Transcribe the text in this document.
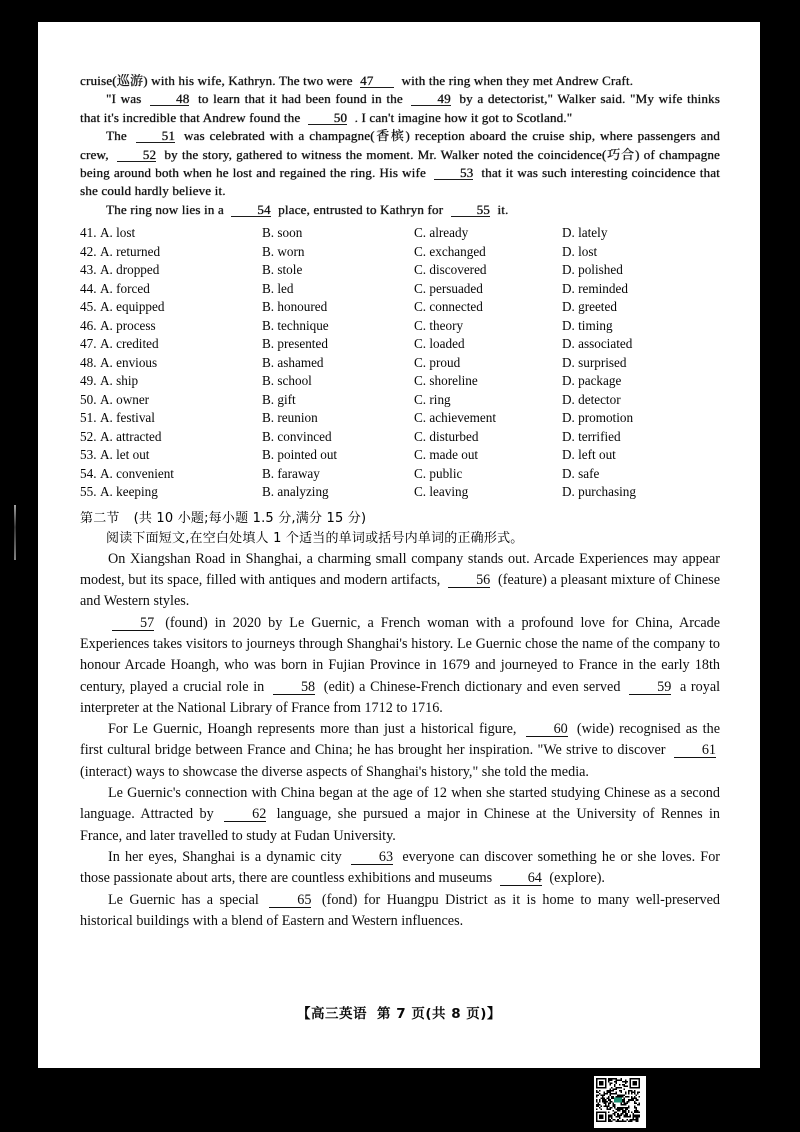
cruise(巡游) with his wife, Kathryn. The two were 47 with the ring when they met Andrew Craft.

"I was	48 to learn that it had been found in the	49 by a detectorist," Walker said. "My wife thinks that it's incredible that Andrew found the	50 . I can't imagine how it got to Scotland."

The	51 was celebrated with a champagne(香槟) reception aboard the cruise ship, where passengers and crew,	52 by the story, gathered to witness the moment. Mr. Walker noted the coincidence(巧合) of champagne being around both when he lost and regained the ring. His wife	53 that it was such interesting coincidence that she could hardly believe it.

The ring now lies in a	54 place, entrusted to Kathryn for	55 it.

41. A. lost	B. soon	C. already	D. lately
42. A. returned	B. worn	C. exchanged	D. lost
43. A. dropped	B. stole	C. discovered	D. polished
44. A. forced	B. led	C. persuaded	D. reminded
45. A. equipped	B. honoured	C. connected	D. greeted
46. A. process	B. technique	C. theory	D. timing
47. A. credited	B. presented	C. loaded	D. associated
48. A. envious	B. ashamed	C. proud	D. surprised
49. A. ship	B. school	C. shoreline	D. package
50. A. owner	B. gift	C. ring	D. detector
51. A. festival	B. reunion	C. achievement	D. promotion
52. A. attracted	B. convinced	C. disturbed	D. terrified
53. A. let out	B. pointed out	C. made out	D. left out
54. A. convenient	B. faraway	C. public	D. safe
55. A. keeping	B. analyzing	C. leaving	D. purchasing
第二节 (共 10 小题;每小题 1.5 分,满分 15 分)
阅读下面短文,在空白处填人 1 个适当的单词或括号内单词的正确形式。

On Xiangshan Road in Shanghai, a charming small company stands out. Arcade Experiences may appear modest, but its space, filled with antiques and modern artifacts,	56 (feature) a pleasant mixture of Chinese and Western styles.

57 (found) in 2020 by Le Guernic, a French woman with a profound love for China, Arcade Experiences takes visitors to journeys through Shanghai's history. Le Guernic chose the name of the company to honour Arcade Hoangh, who was born in Fujian Province in 1679 and journeyed to France in the early 18th century, played a crucial role in	58 (edit) a Chinese-French dictionary and even served	59 a royal interpreter at the National Library of France from 1712 to 1716.

For Le Guernic, Hoangh represents more than just a historical figure,	60 (wide) recognised as the first cultural bridge between France and China; he has brought her inspiration. "We strive to discover	61 (interact) ways to showcase the diverse aspects of Shanghai's history," she told the media.

Le Guernic's connection with China began at the age of 12 when she started studying Chinese as a second language. Attracted by	62 language, she pursued a major in Chinese at the University of Rennes in France, and later travelled to study at Fudan University.

In her eyes, Shanghai is a dynamic city	63 everyone can discover something he or she loves. For those passionate about arts, there are countless exhibitions and museums	64 (explore).

Le Guernic has a special	65 (fond) for Huangpu District as it is home to many well-preserved historical buildings with a blend of Eastern and Western influences.

【高三英语 第 7 页(共 8 页)】
